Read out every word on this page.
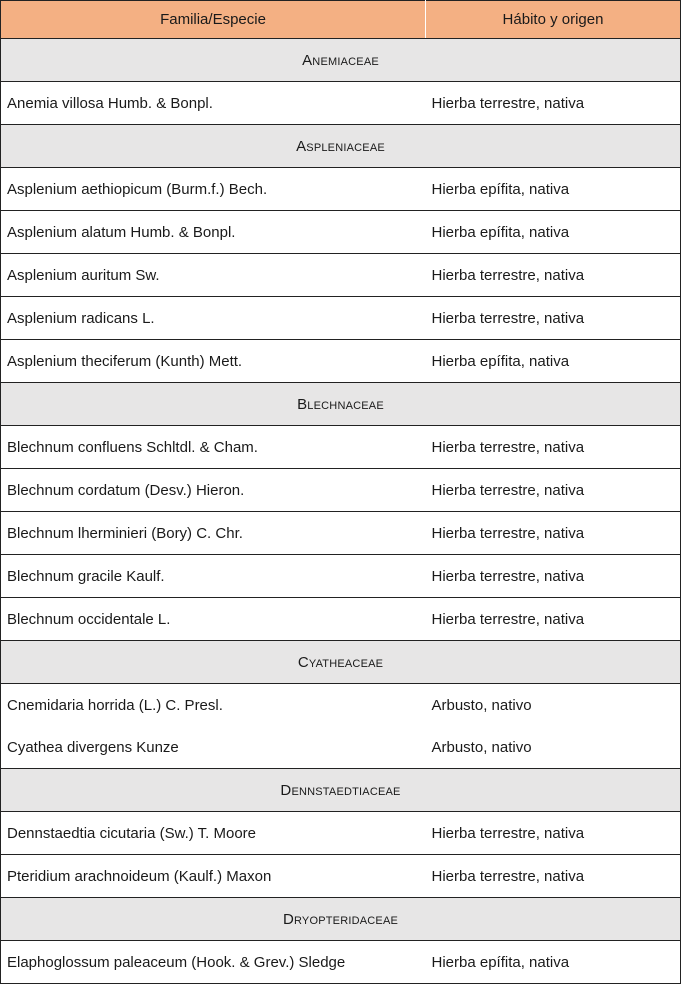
Familia/Especie	Hábito y origen
Anemiaceae	
Anemia villosa Humb. & Bonpl.	Hierba terrestre, nativa
Aspleniaceae	
Asplenium aethiopicum (Burm.f.) Bech.	Hierba epífita, nativa
Asplenium alatum Humb. & Bonpl.	Hierba epífita, nativa
Asplenium auritum Sw.	Hierba terrestre, nativa
Asplenium radicans L.	Hierba terrestre, nativa
Asplenium theciferum (Kunth) Mett.	Hierba epífita, nativa
Blechnaceae	
Blechnum confluens Schltdl. & Cham.	Hierba terrestre, nativa
Blechnum cordatum (Desv.) Hieron.	Hierba terrestre, nativa
Blechnum lherminieri (Bory) C. Chr.	Hierba terrestre, nativa
Blechnum gracile Kaulf.	Hierba terrestre, nativa
Blechnum occidentale L.	Hierba terrestre, nativa
Cyatheaceae	
Cnemidaria horrida (L.) C. Presl.	Arbusto, nativo
Cyathea divergens Kunze	Arbusto, nativo
Dennstaedtiaceae	
Dennstaedtia cicutaria (Sw.) T. Moore	Hierba terrestre, nativa
Pteridium arachnoideum (Kaulf.) Maxon	Hierba terrestre, nativa
Dryopteridaceae	
Elaphoglossum paleaceum (Hook. & Grev.) Sledge	Hierba epífita, nativa
